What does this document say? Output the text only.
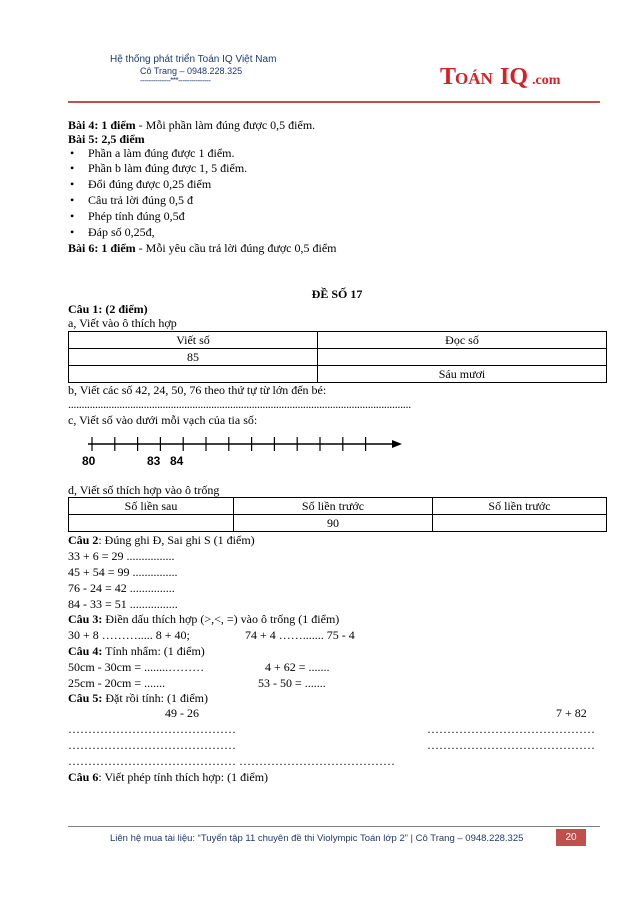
Hệ thống phát triển Toán IQ Việt Nam
Cô Trang – 0948.228.325
--------------***---------------	T
OÁN IQ .com
Bài 4: 1 điểm - Mỗi phần làm đúng được 0,5 điểm.
Bài 5: 2,5 điểm
• Phần a làm đúng được 1 điểm.
• Phần b làm đúng được 1, 5 điểm.
• Đổi đúng được 0,25 điểm
• Câu trả lời đúng 0,5 đ
• Phép tính đúng 0,5đ
• Đáp số 0,25đ,
Bài 6: 1 điểm - Mỗi yêu cầu trả lời đúng được 0,5 điểm
ĐỀ SỐ 17
Câu 1: (2 điểm)
a, Viết vào ô thích hợp
Viết số	Đọc số
85	
	Sáu mươi
b, Viết các số 42, 24, 50, 76 theo thứ tự từ lớn đến bé:
...............................................................................................................................
c, Viết số vào dưới mỗi vạch của tia số:
80	83 84
d, Viết số thích hợp vào ô trống
Số liền sau	Số liền trước	Số liền trước
	90	
Câu 2: Đúng ghi Đ, Sai ghi S (1 điểm)
33 + 6 = 29 ................
45 + 54 = 99 ...............
76 - 24 = 42 ...............
84 - 33 = 51 ................
Câu 3: Điền dấu thích hợp (>,<, =) vào ô trống (1 điểm)
30 + 8 ………..... 8 + 40;	74 + 4 ……....... 75 - 4
Câu 4: Tính nhẩm: (1 điểm)
50cm - 30cm = ........………	4 + 62 = .......
25cm - 20cm = .......	53 - 50 = .......
Câu 5: Đặt rồi tính: (1 điểm)
49 - 26	7 + 82
……………………………………	……………………………………
……………………………………	……………………………………
…………………………………… …………………………………
Câu 6: Viết phép tính thích hợp: (1 điểm)
Liên hệ mua tài liệu: “Tuyển tập 11 chuyên đề thi Violympic Toán lớp 2” | Cô Trang – 0948.228.325	20
